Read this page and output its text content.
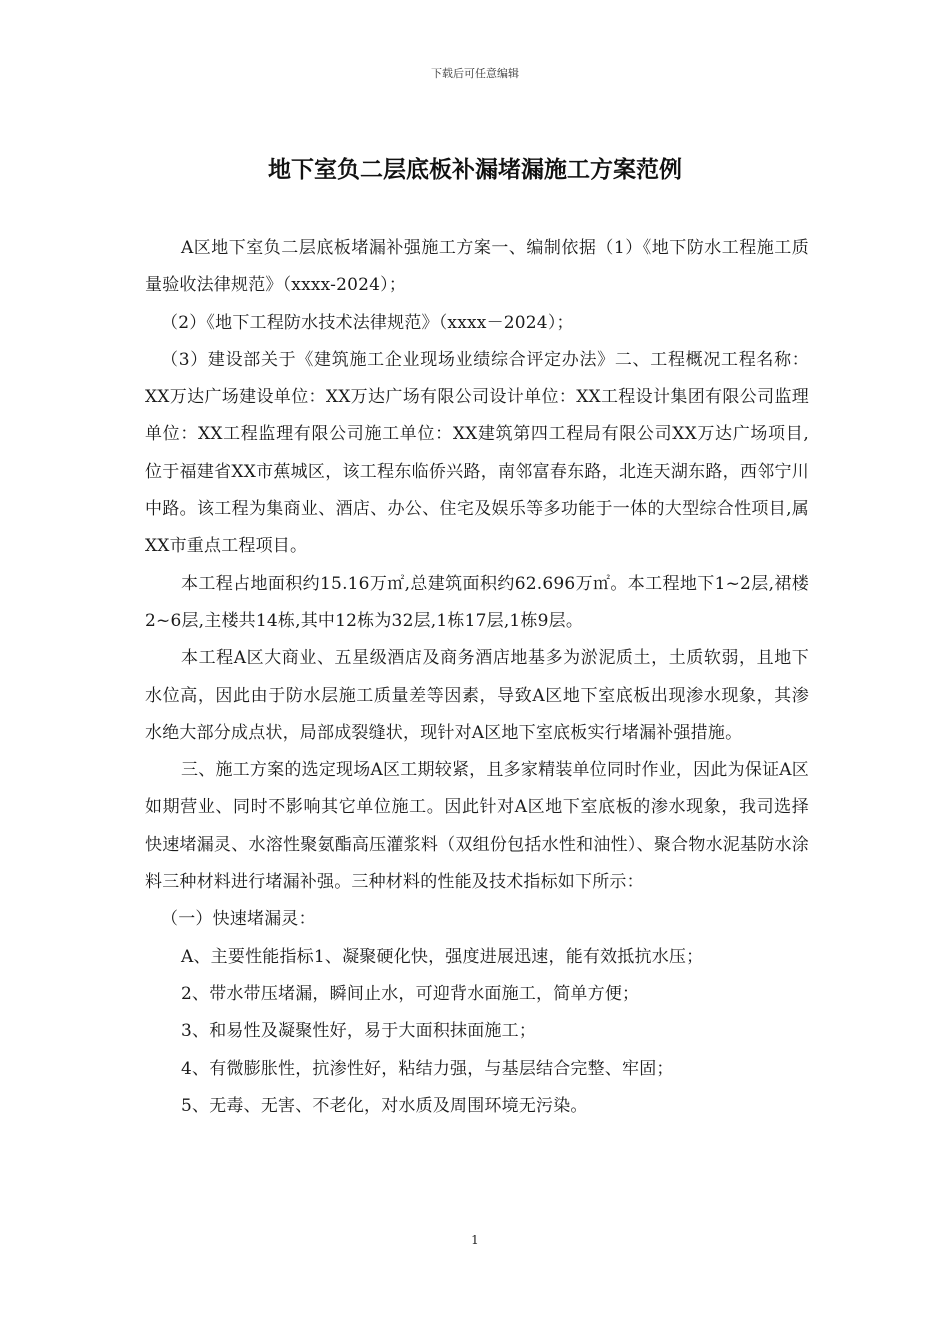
下载后可任意编辑
地下室负二层底板补漏堵漏施工方案范例

A区地下室负二层底板堵漏补强施工方案一、编制依据（1）《地下防水工程施工质量验收法律规范》（xxxx-2024）；

（2）《地下工程防水技术法律规范》（xxxx－2024）；

（3）建设部关于《建筑施工企业现场业绩综合评定办法》二、工程概况工程名称：XX万达广场建设单位：XX万达广场有限公司设计单位：XX工程设计集团有限公司监理单位：XX工程监理有限公司施工单位：XX建筑第四工程局有限公司XX万达广场项目,位于福建省XX市蕉城区，该工程东临侨兴路，南邻富春东路，北连天湖东路，西邻宁川中路。该工程为集商业、酒店、办公、住宅及娱乐等多功能于一体的大型综合性项目,属XX市重点工程项目。

本工程占地面积约15.16万㎡,总建筑面积约62.696万㎡。本工程地下1~2层,裙楼2~6层,主楼共14栋,其中12栋为32层,1栋17层,1栋9层。

本工程A区大商业、五星级酒店及商务酒店地基多为淤泥质土，土质软弱，且地下水位高，因此由于防水层施工质量差等因素，导致A区地下室底板出现渗水现象，其渗水绝大部分成点状，局部成裂缝状，现针对A区地下室底板实行堵漏补强措施。

三、施工方案的选定现场A区工期较紧，且多家精装单位同时作业，因此为保证A区如期营业、同时不影响其它单位施工。因此针对A区地下室底板的渗水现象，我司选择快速堵漏灵、水溶性聚氨酯高压灌浆料（双组份包括水性和油性）、聚合物水泥基防水涂料三种材料进行堵漏补强。三种材料的性能及技术指标如下所示：

（一）快速堵漏灵：

A、主要性能指标1、凝聚硬化快，强度进展迅速，能有效抵抗水压；

2、带水带压堵漏，瞬间止水，可迎背水面施工，简单方便；

3、和易性及凝聚性好，易于大面积抹面施工；

4、有微膨胀性，抗渗性好，粘结力强，与基层结合完整、牢固；

5、无毒、无害、不老化，对水质及周围环境无污染。

1
